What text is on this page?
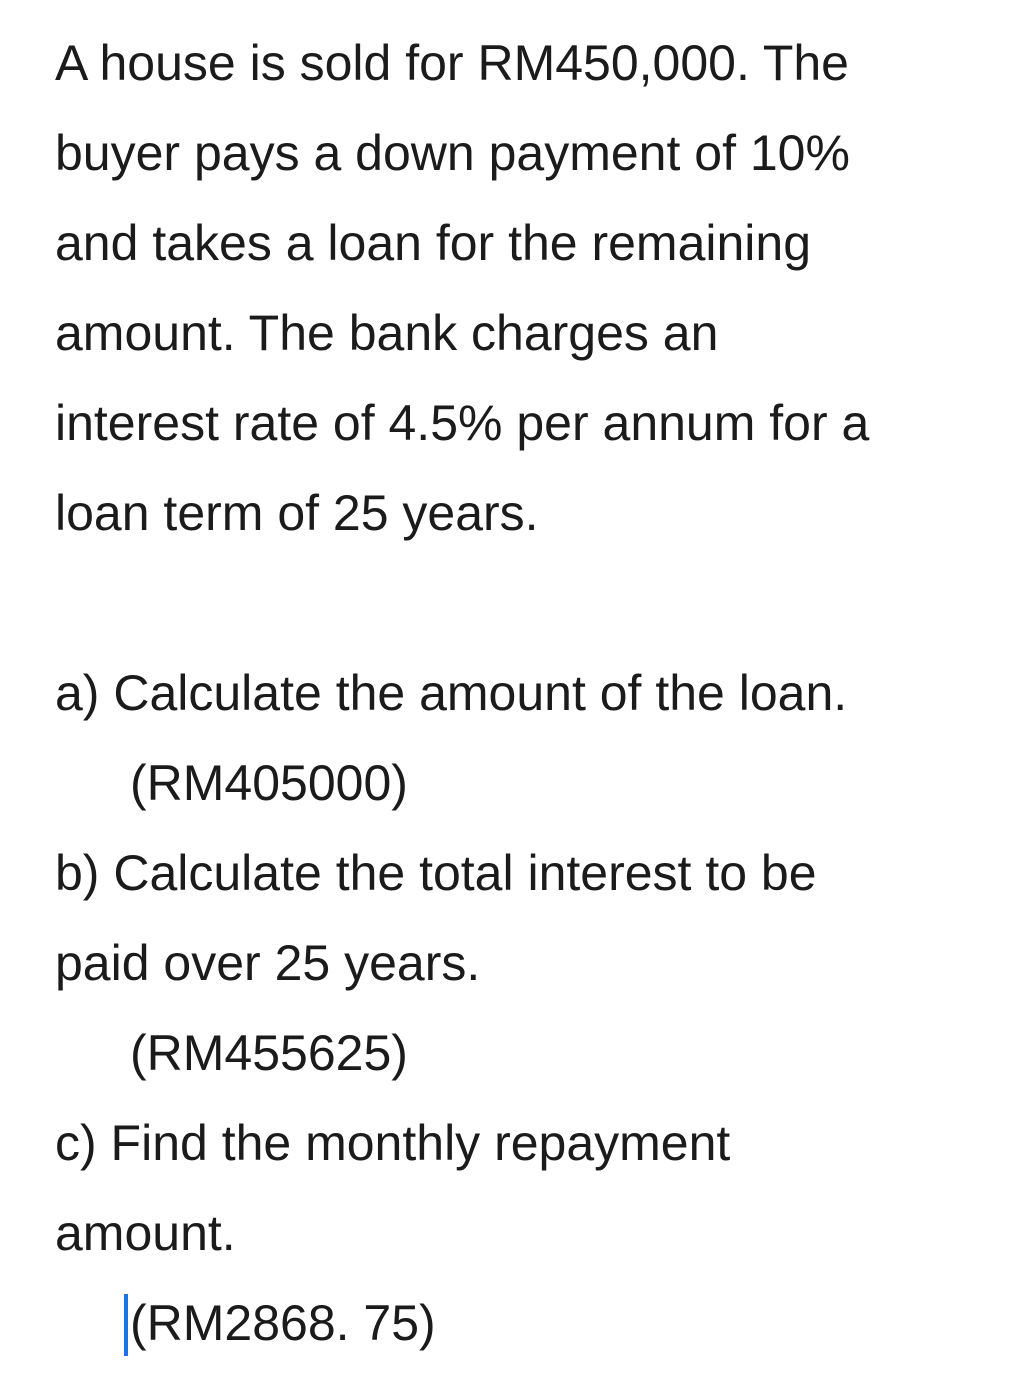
A house is sold for RM450,000. The

buyer pays a down payment of 10%

and takes a loan for the remaining

amount. The bank charges an

interest rate of 4.5% per annum for a

loan term of 25 years.

a) Calculate the amount of the loan.

(RM405000)

b) Calculate the total interest to be

paid over 25 years.

(RM455625)

c) Find the monthly repayment

amount.

(RM2868. 75)
